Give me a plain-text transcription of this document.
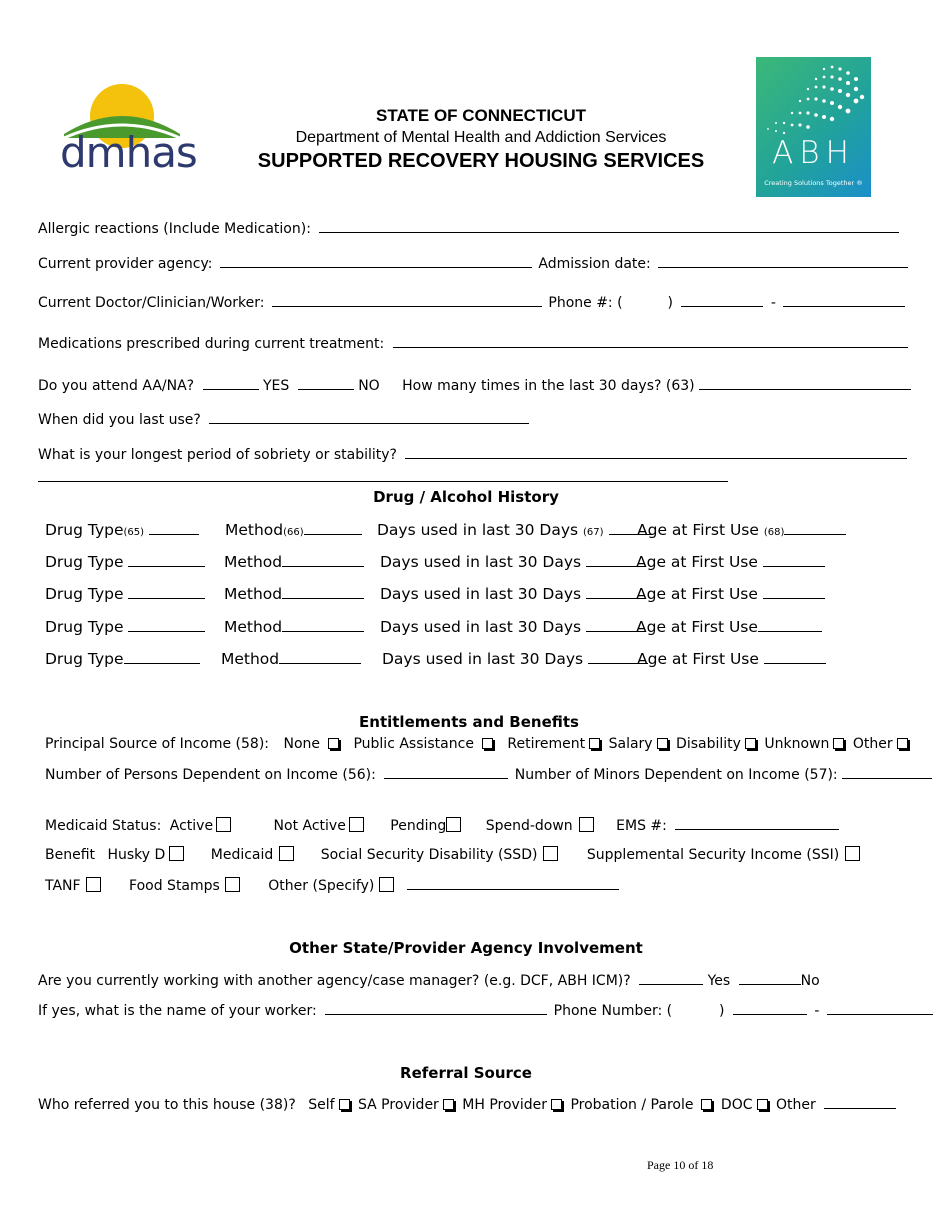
dmhas	ABH
Creating Solutions Together ®
STATE OF CONNECTICUT
Department of Mental Health and Addiction Services
SUPPORTED RECOVERY HOUSING SERVICES
Allergic reactions (Include Medication):
Current provider agency:	Admission date:
Current Doctor/Clinician/Worker:	Phone #: (	)	-
Medications prescribed during current treatment:
Do you attend AA/NA?	YES	NO How many times in the last 30 days? (63)
When did you last use?
What is your longest period of sobriety or stability?
Drug / Alcohol History
Drug Type(65)	Method(66)	Days used in last 30 Days (67)	Age at First Use (68)
Drug Type	Method	Days used in last 30 Days	Age at First Use
Drug Type	Method	Days used in last 30 Days	Age at First Use
Drug Type	Method	Days used in last 30 Days	Age at First Use
Drug Type	Method	Days used in last 30 Days	Age at First Use
Entitlements and Benefits
Principal Source of Income (58): None Public Assistance Retirement Salary Disability Unknown Other
Number of Persons Dependent on Income (56):	Number of Minors Dependent on Income (57):
Medicaid Status: Active	Not Active	Pending	Spend-down	EMS #:
Benefit Husky D	Medicaid	Social Security Disability (SSD)	Supplemental Security Income (SSI)
TANF	Food Stamps	Other (Specify)
Other State/Provider Agency Involvement
Are you currently working with another agency/case manager? (e.g. DCF, ABH ICM)?	Yes	No
If yes, what is the name of your worker:	Phone Number: (	)	-
Referral Source
Who referred you to this house (38)? Self SA Provider MH Provider Probation / Parole DOC Other
Page 10 of 18
